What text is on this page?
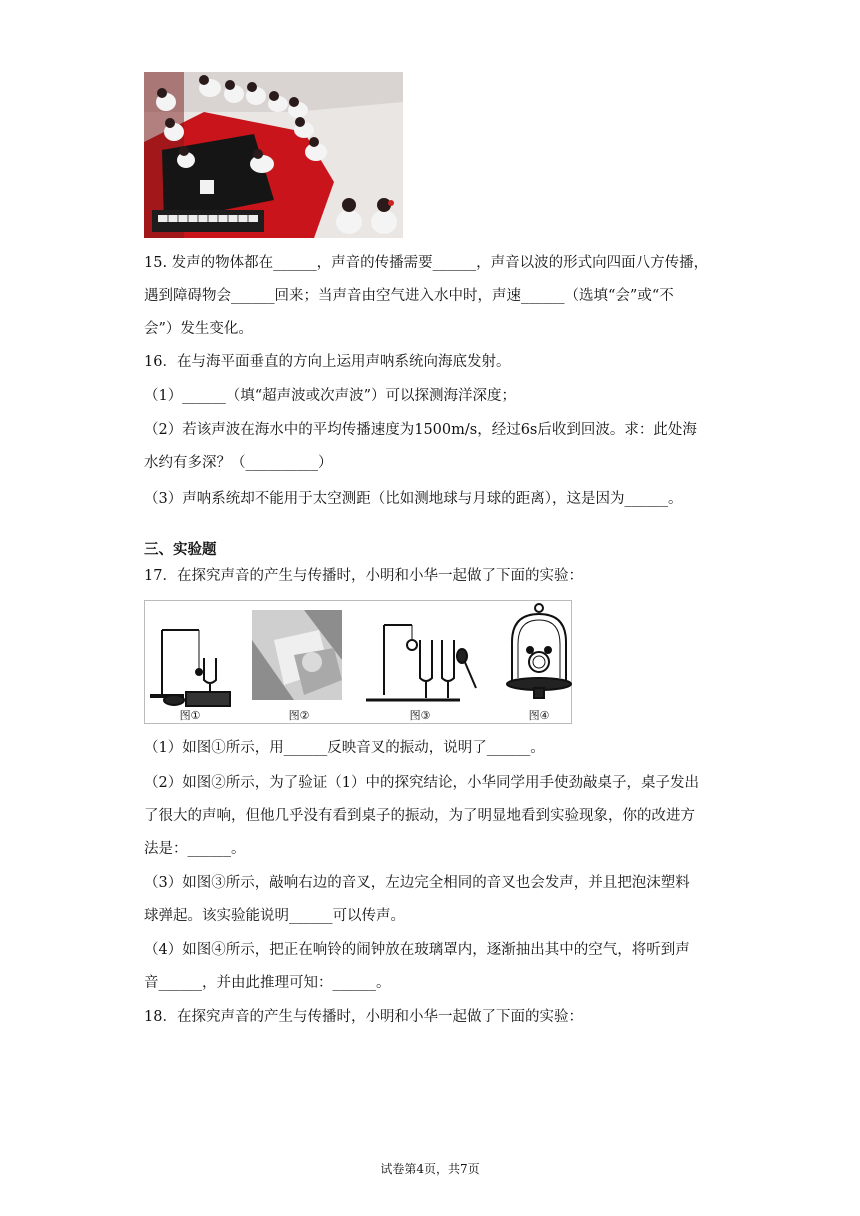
15. 发声的物体都在______，声音的传播需要______，声音以波的形式向四面八方传播，
遇到障碍物会______回来；当声音由空气进入水中时，声速______（选填“会”或“不
会”）发生变化。
16．在与海平面垂直的方向上运用声呐系统向海底发射。
（1）______（填“超声波或次声波”）可以探测海洋深度；
（2）若该声波在海水中的平均传播速度为1500m/s，经过6s后收到回波。求：此处海
水约有多深？（__________）
（3）声呐系统却不能用于太空测距（比如测地球与月球的距离），这是因为______。
三、实验题
17．在探究声音的产生与传播时，小明和小华一起做了下面的实验：
图①	图②	图③	图④
（1）如图①所示，用______反映音叉的振动，说明了______。
（2）如图②所示，为了验证（1）中的探究结论，小华同学用手使劲敲桌子，桌子发出
了很大的声响，但他几乎没有看到桌子的振动，为了明显地看到实验现象，你的改进方
法是：______。
（3）如图③所示，敲响右边的音叉，左边完全相同的音叉也会发声，并且把泡沫塑料
球弹起。该实验能说明______可以传声。
（4）如图④所示，把正在响铃的闹钟放在玻璃罩内，逐渐抽出其中的空气，将听到声
音______，并由此推理可知：______。
18．在探究声音的产生与传播时，小明和小华一起做了下面的实验：
试卷第4页，共7页
